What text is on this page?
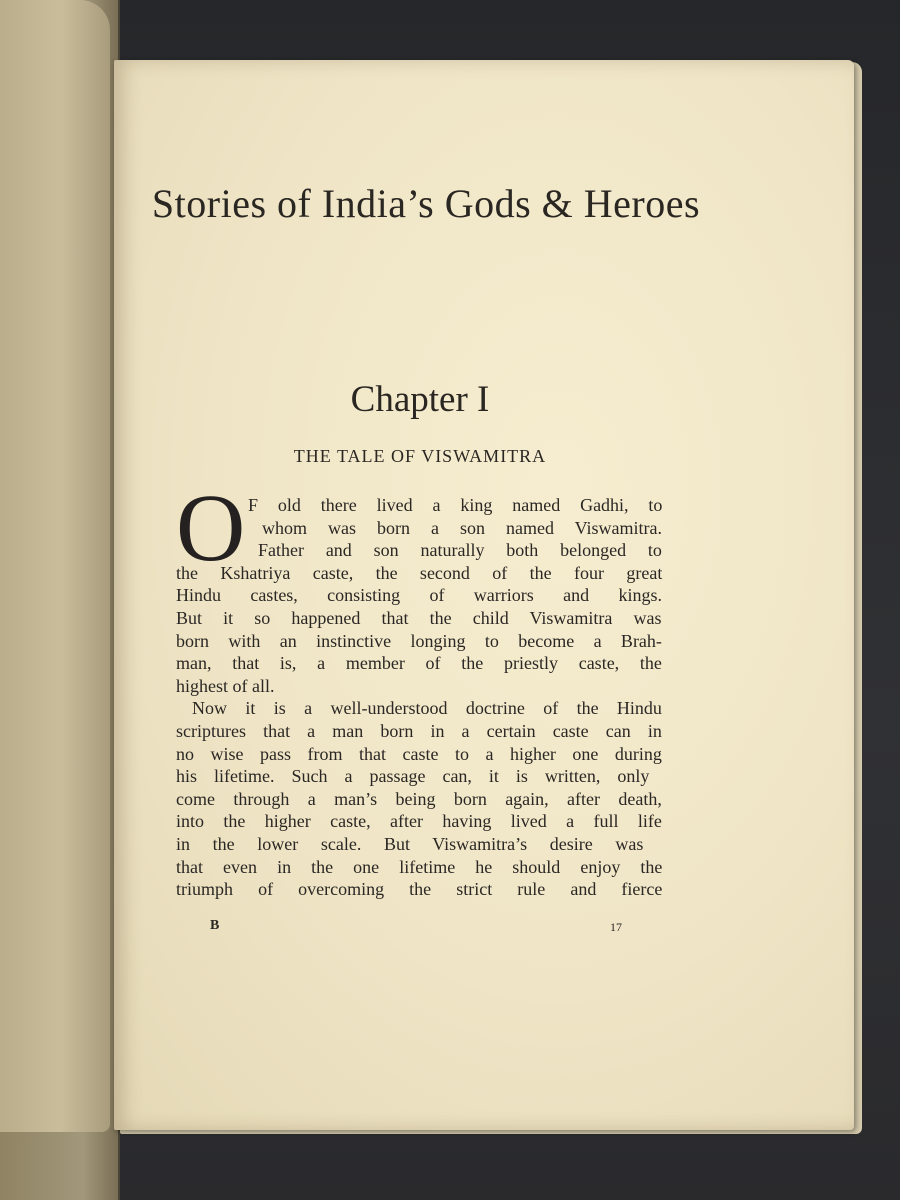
Stories of India’s Gods & Heroes
Chapter I
THE TALE OF VISWAMITRA
O F old there lived a king named Gadhi, to
whom was born a son named Viswamitra.
Father and son naturally both belonged to
the Kshatriya caste, the second of the four great
Hindu castes, consisting of warriors and kings.
But it so happened that the child Viswamitra was
born with an instinctive longing to become a Brah-
man, that is, a member of the priestly caste, the
highest of all.
Now it is a well-understood doctrine of the Hindu
scriptures that a man born in a certain caste can in
no wise pass from that caste to a higher one during
his lifetime. Such a passage can, it is written, only
come through a man’s being born again, after death,
into the higher caste, after having lived a full life
in the lower scale. But Viswamitra’s desire was
that even in the one lifetime he should enjoy the
triumph of overcoming the strict rule and fierce
B	17
